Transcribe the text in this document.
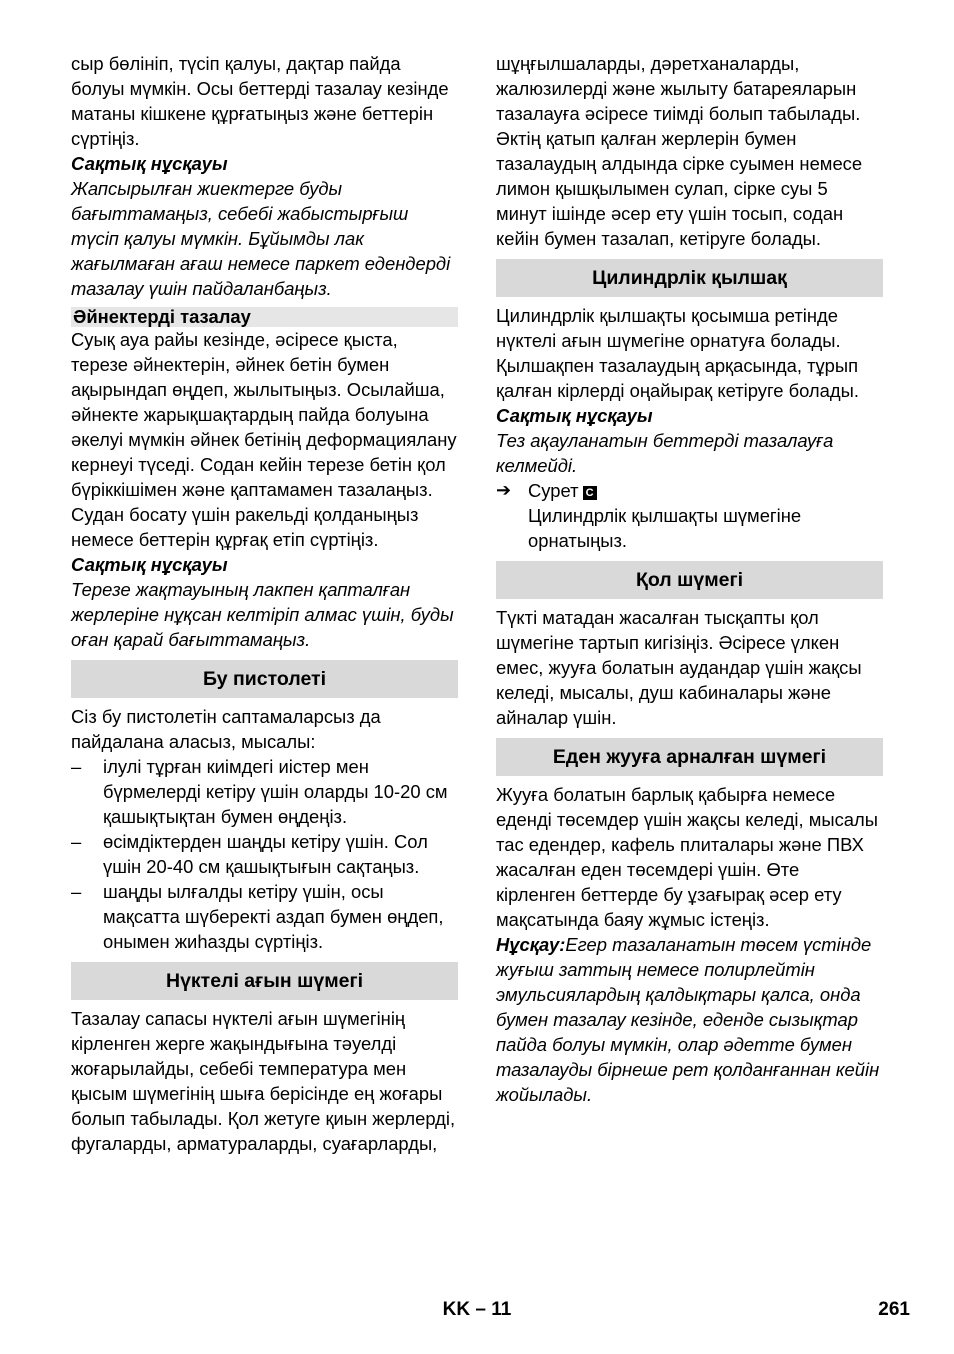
сыр бөлініп, түсіп қалуы, дақтар пайда болуы мүмкін. Осы беттерді тазалау кезінде матаны кішкене құрғатыңыз және беттерін сүртіңіз.

Сақтық нұсқауы

Жапсырылған жиектерге буды бағыттамаңыз, себебі жабыстырғыш түсіп қалуы мүмкін. Бұйымды лак жағылмаған ағаш немесе паркет едендерді тазалау үшін пайдаланбаңыз.

Әйнектерді тазалау

Суық ауа райы кезінде, әсіресе қыста, терезе әйнектерін, әйнек бетін бумен ақырындап өңдеп, жылытыңыз. Осылайша, әйнекте жарықшақтардың пайда болуына әкелуі мүмкін әйнек бетінің деформациялану кернеуі түседі. Содан кейін терезе бетін қол бүріккішімен және қаптамамен тазалаңыз. Судан босату үшін ракельді қолданыңыз немесе беттерін құрғақ етіп сүртіңіз.

Сақтық нұсқауы

Терезе жақтауының лакпен қапталған жерлеріне нұқсан келтіріп алмас үшін, буды оған қарай бағыттамаңыз.

Бу пистолеті

Сіз бу пистолетін саптамаларсыз да пайдалана аласыз, мысалы:

–	ілулі тұрған киімдегі иістер мен бүрмелерді кетіру үшін оларды 10-20 см қашықтықтан бумен өңдеңіз.
–	өсімдіктерден шаңды кетіру үшін. Сол үшін 20-40 см қашықтығын сақтаңыз.
–	шаңды ылғалды кетіру үшін, осы мақсатта шүберекті аздап бумен өңдеп, онымен жиһазды сүртіңіз.
Нүктелі ағын шүмегі

Тазалау сапасы нүктелі ағын шүмегінің кірленген жерге жақындығына тәуелді жоғарылайды, себебі температура мен қысым шүмегінің шыға берісінде ең жоғары болып табылады. Қол жетуге қиын жерлерді, фугаларды, арматураларды, суағарларды,

шұңғылшаларды, дәретханаларды, жалюзилерді және жылыту батареяларын тазалауға әсіресе тиімді болып табылады. Әктің қатып қалған жерлерін бумен тазалаудың алдында сірке суымен немесе лимон қышқылымен сулап, сірке суы 5 минут ішінде әсер ету үшін тосып, содан кейін бумен тазалап, кетіруге болады.

Цилиндрлік қылшақ

Цилиндрлік қылшақты қосымша ретінде нүктелі ағын шүмегіне орнатуға болады. Қылшақпен тазалаудың арқасында, тұрып қалған кірлерді оңайырақ кетіруге болады.

Сақтық нұсқауы

Тез ақауланатын беттерді тазалауға келмейді.

➔ Сурет C
Цилиндрлік қылшақты шүмегіне орнатыңыз.
Қол шүмегі

Түкті матадан жасалған тысқапты қол шүмегіне тартып кигізіңіз. Әсіресе үлкен емес, жууға болатын аудандар үшін жақсы келеді, мысалы, душ кабиналары және айналар үшін.

Еден жууға арналған шүмегі

Жууға болатын барлық қабырға немесе еденді төсемдер үшін жақсы келеді, мысалы тас едендер, кафель плиталары және ПВХ жасалған еден төсемдері үшін. Өте кірленген беттерде бу ұзағырақ әсер ету мақсатында баяу жұмыс істеңіз.

Нұсқау:Егер тазаланатын төсем үстінде жуғыш заттың немесе полирлейтін эмульсиялардың қалдықтары қалса, онда бумен тазалау кезінде, еденде сызықтар пайда болуы мүмкін, олар әдетте бумен тазалауды бірнеше рет қолданғаннан кейін жойылады.

KK – 11	261
